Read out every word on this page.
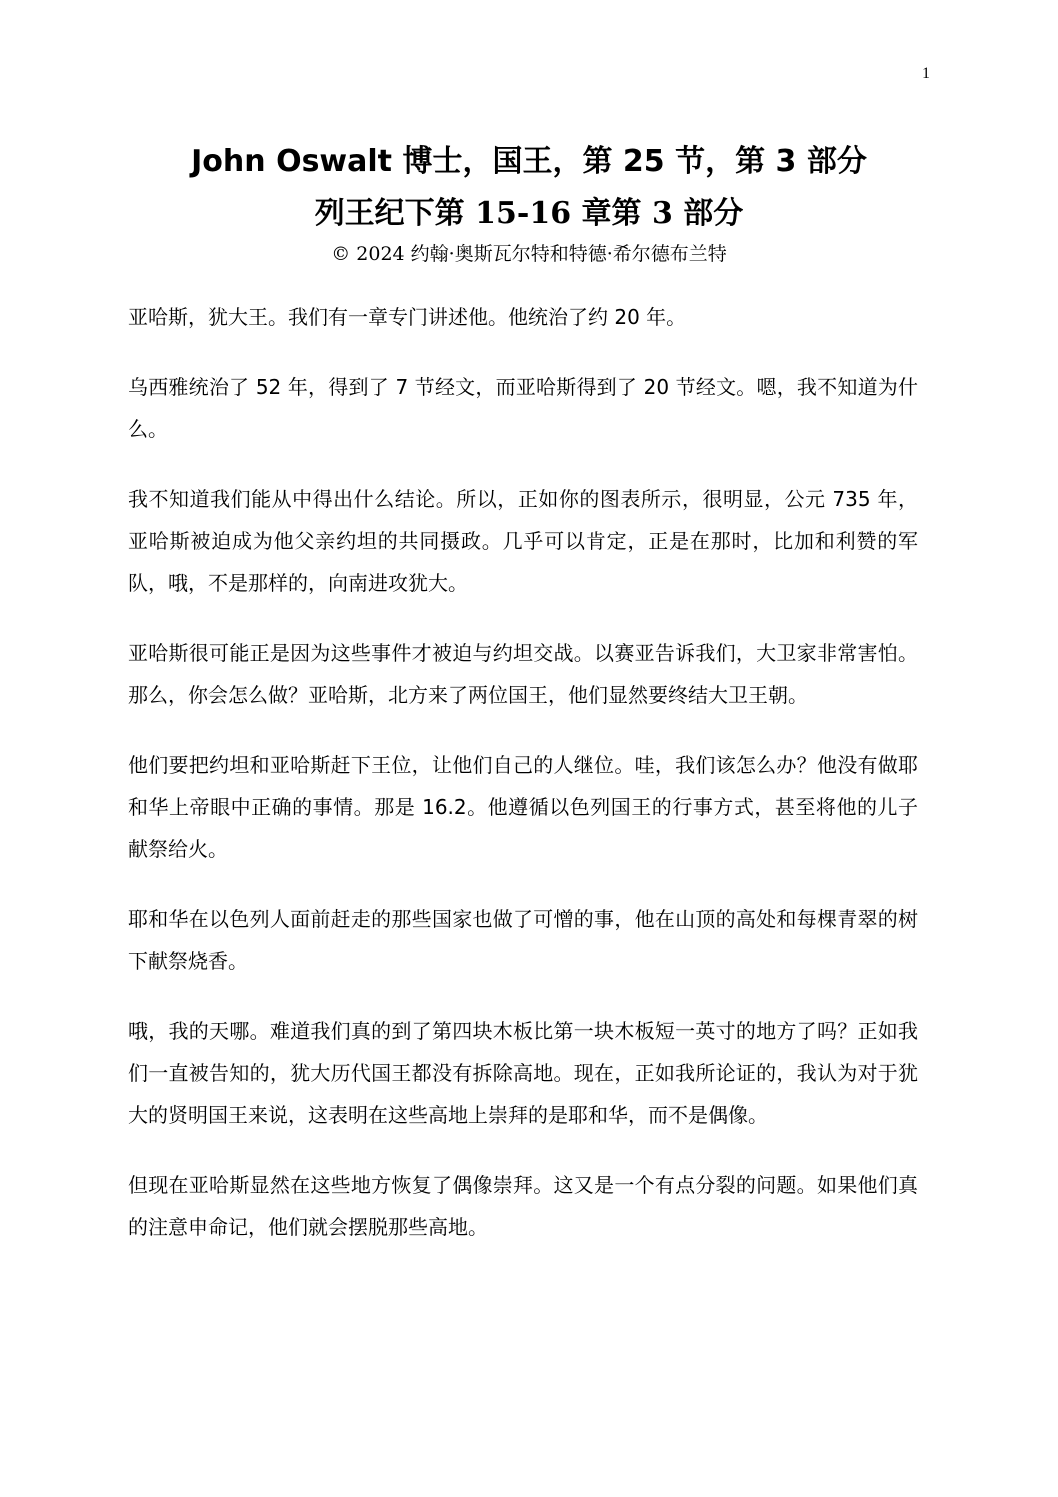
1
John Oswalt 博士，国王，第 25 节，第 3 部分
列王纪下第 15-16 章第 3 部分
© 2024 约翰·奥斯瓦尔特和特德·希尔德布兰特

亚哈斯，犹大王。我们有一章专门讲述他。他统治了约 20 年。

乌西雅统治了 52 年，得到了 7 节经文，而亚哈斯得到了 20 节经文。嗯，我不知道为什么。

我不知道我们能从中得出什么结论。所以，正如你的图表所示，很明显，公元 735 年，亚哈斯被迫成为他父亲约坦的共同摄政。几乎可以肯定，正是在那时，比加和利赞的军队，哦，不是那样的，向南进攻犹大。

亚哈斯很可能正是因为这些事件才被迫与约坦交战。以赛亚告诉我们，大卫家非常害怕。那么，你会怎么做？亚哈斯，北方来了两位国王，他们显然要终结大卫王朝。

他们要把约坦和亚哈斯赶下王位，让他们自己的人继位。哇，我们该怎么办？他没有做耶和华上帝眼中正确的事情。那是 16.2。他遵循以色列国王的行事方式，甚至将他的儿子献祭给火。

耶和华在以色列人面前赶走的那些国家也做了可憎的事，他在山顶的高处和每棵青翠的树下献祭烧香。

哦，我的天哪。难道我们真的到了第四块木板比第一块木板短一英寸的地方了吗？正如我们一直被告知的，犹大历代国王都没有拆除高地。现在，正如我所论证的，我认为对于犹大的贤明国王来说，这表明在这些高地上崇拜的是耶和华，而不是偶像。

但现在亚哈斯显然在这些地方恢复了偶像崇拜。这又是一个有点分裂的问题。如果他们真的注意申命记，他们就会摆脱那些高地。
